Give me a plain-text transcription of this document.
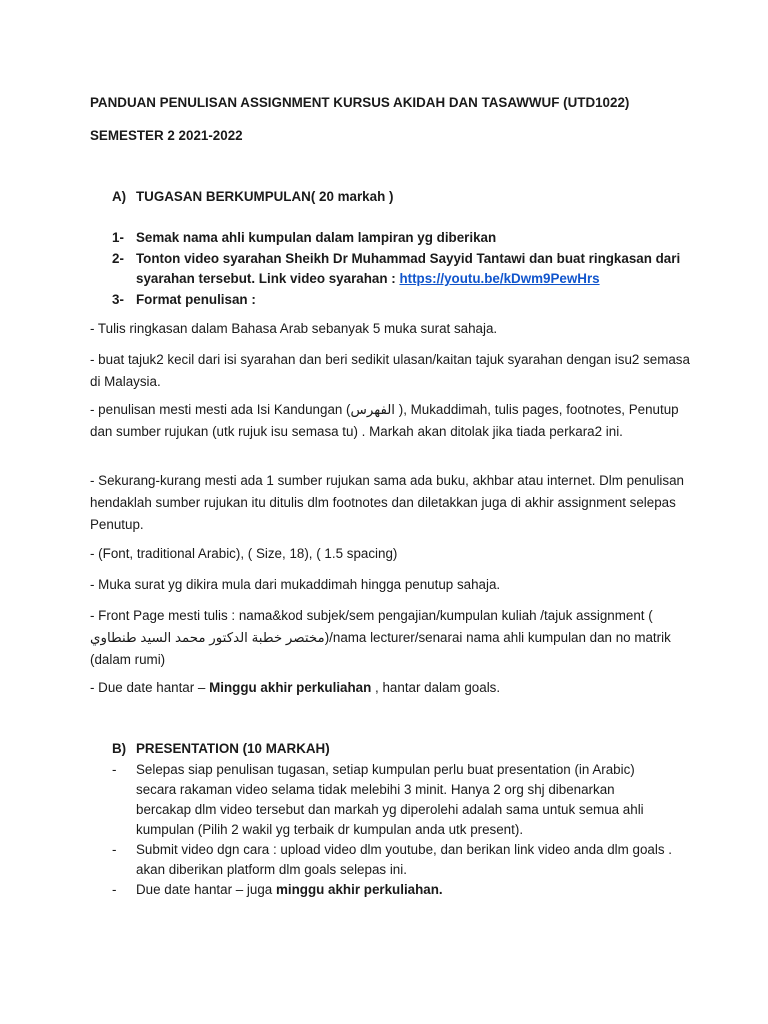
PANDUAN PENULISAN ASSIGNMENT KURSUS AKIDAH DAN TASAWWUF (UTD1022)
SEMESTER 2 2021-2022
A) TUGASAN BERKUMPULAN( 20 markah )
1- Semak nama ahli kumpulan dalam lampiran yg diberikan
2- Tonton video syarahan Sheikh Dr Muhammad Sayyid Tantawi dan buat ringkasan dari
syarahan tersebut. Link video syarahan : https://youtu.be/kDwm9PewHrs
3- Format penulisan :

- Tulis ringkasan dalam Bahasa Arab sebanyak 5 muka surat sahaja.

- buat tajuk2 kecil dari isi syarahan dan beri sedikit ulasan/kaitan tajuk syarahan dengan isu2 semasa di Malaysia.

- penulisan mesti mesti ada Isi Kandungan (الفهرس ), Mukaddimah, tulis pages, footnotes, Penutup dan sumber rujukan (utk rujuk isu semasa tu) . Markah akan ditolak jika tiada perkara2 ini.

- Sekurang-kurang mesti ada 1 sumber rujukan sama ada buku, akhbar atau internet. Dlm penulisan hendaklah sumber rujukan itu ditulis dlm footnotes dan diletakkan juga di akhir assignment selepas Penutup.

- (Font, traditional Arabic), ( Size, 18), ( 1.5 spacing)

- Muka surat yg dikira mula dari mukaddimah hingga penutup sahaja.

- Front Page mesti tulis : nama&kod subjek/sem pengajian/kumpulan kuliah /tajuk assignment ( مختصر خطبة الدكتور محمد السيد طنطاوي)/nama lecturer/senarai nama ahli kumpulan dan no matrik (dalam rumi)

- Due date hantar – Minggu akhir perkuliahan , hantar dalam goals.

B) PRESENTATION (10 MARKAH)
- Selepas siap penulisan tugasan, setiap kumpulan perlu buat presentation (in Arabic) secara rakaman video selama tidak melebihi 3 minit. Hanya 2 org shj dibenarkan bercakap dlm video tersebut dan markah yg diperolehi adalah sama untuk semua ahli kumpulan (Pilih 2 wakil yg terbaik dr kumpulan anda utk present).
- Submit video dgn cara : upload video dlm youtube, dan berikan link video anda dlm goals . akan diberikan platform dlm goals selepas ini.
- Due date hantar – juga minggu akhir perkuliahan.
